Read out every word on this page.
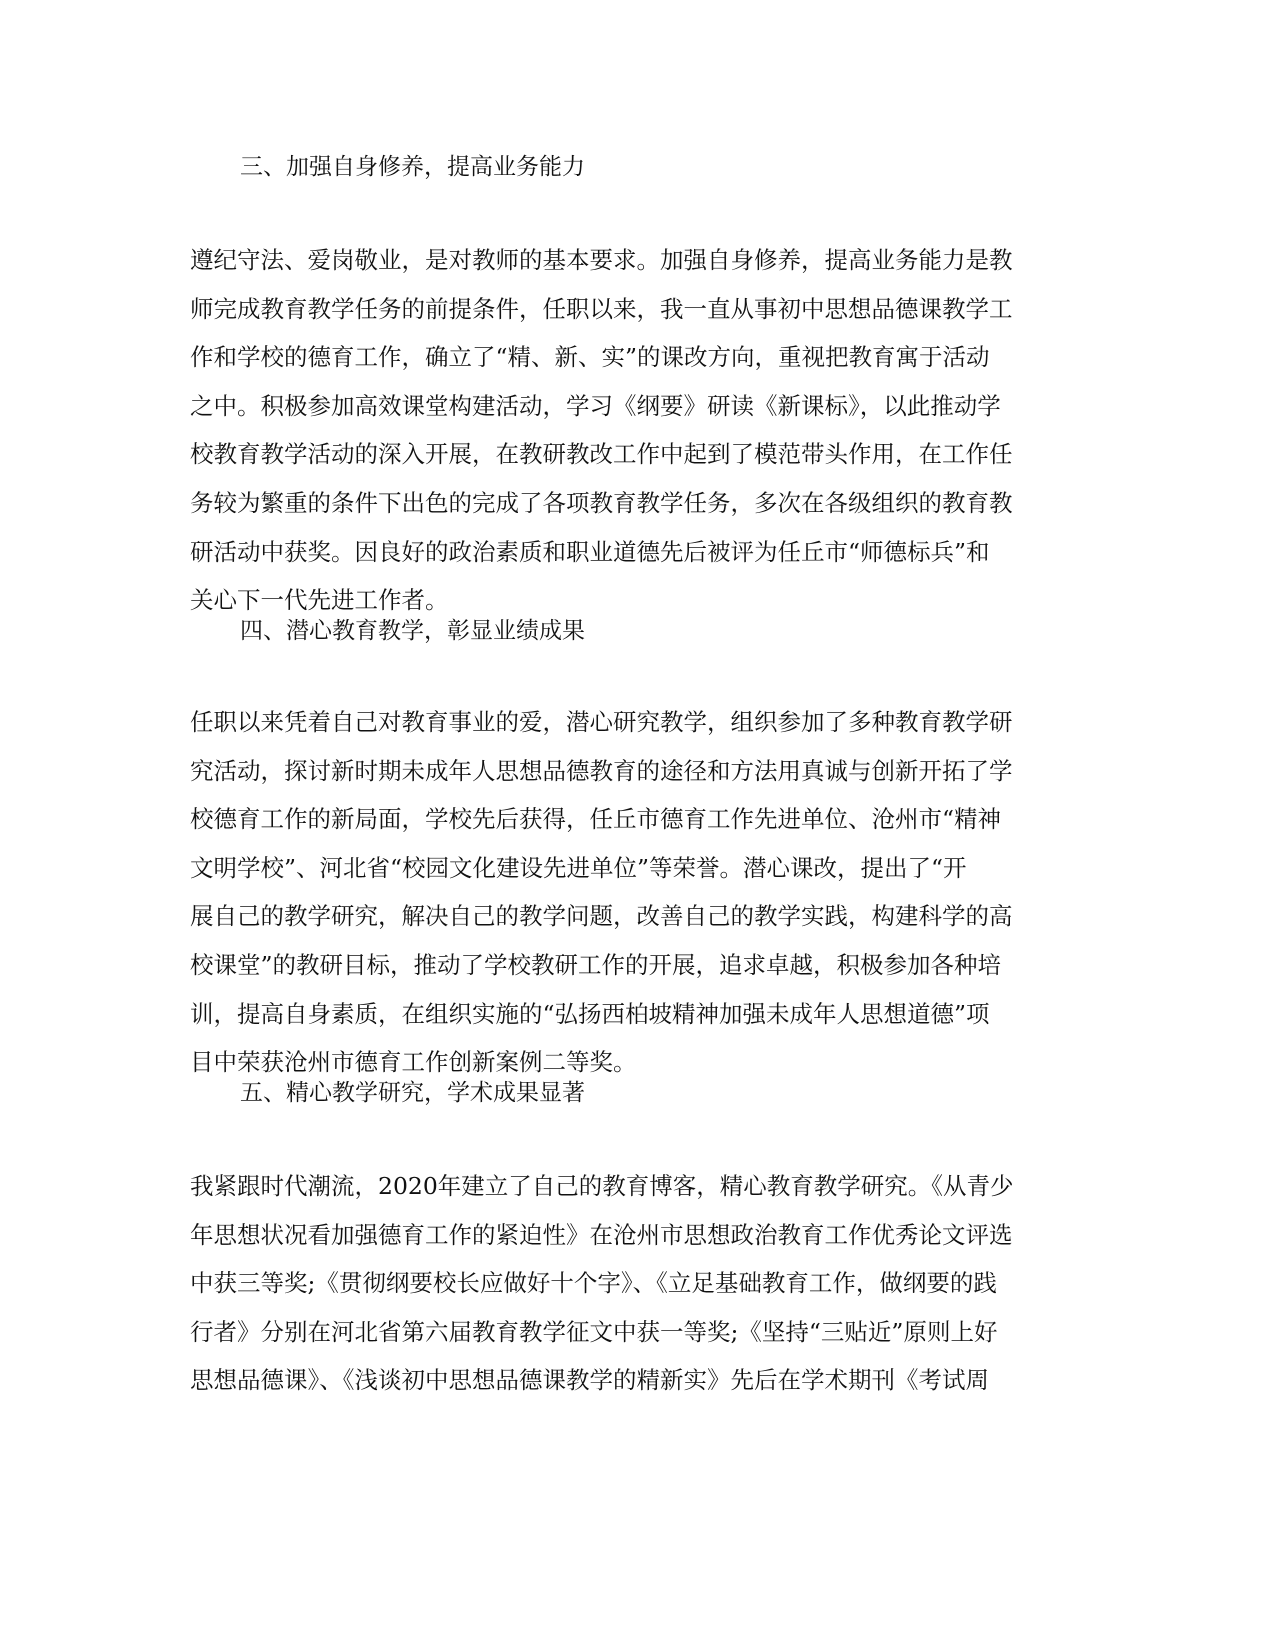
三、加强自身修养，提高业务能力
遵纪守法、爱岗敬业，是对教师的基本要求。加强自身修养，提高业务能力是教
师完成教育教学任务的前提条件，任职以来，我一直从事初中思想品德课教学工
作和学校的德育工作，确立了“精、新、实”的课改方向，重视把教育寓于活动
之中。积极参加高效课堂构建活动，学习《纲要》研读《新课标》，以此推动学
校教育教学活动的深入开展，在教研教改工作中起到了模范带头作用，在工作任
务较为繁重的条件下出色的完成了各项教育教学任务，多次在各级组织的教育教
研活动中获奖。因良好的政治素质和职业道德先后被评为任丘市“师德标兵”和
关心下一代先进工作者。
四、潜心教育教学，彰显业绩成果
任职以来凭着自己对教育事业的爱，潜心研究教学，组织参加了多种教育教学研
究活动，探讨新时期未成年人思想品德教育的途径和方法用真诚与创新开拓了学
校德育工作的新局面，学校先后获得，任丘市德育工作先进单位、沧州市“精神
文明学校”、河北省“校园文化建设先进单位”等荣誉。潜心课改，提出了“开
展自己的教学研究，解决自己的教学问题，改善自己的教学实践，构建科学的高
校课堂”的教研目标，推动了学校教研工作的开展，追求卓越，积极参加各种培
训，提高自身素质，在组织实施的“弘扬西柏坡精神加强未成年人思想道德”项
目中荣获沧州市德育工作创新案例二等奖。
五、精心教学研究，学术成果显著
我紧跟时代潮流，2020年建立了自己的教育博客，精心教育教学研究。《从青少
年思想状况看加强德育工作的紧迫性》在沧州市思想政治教育工作优秀论文评选
中获三等奖;《贯彻纲要校长应做好十个字》、《立足基础教育工作，做纲要的践
行者》分别在河北省第六届教育教学征文中获一等奖;《坚持“三贴近”原则上好
思想品德课》、《浅谈初中思想品德课教学的精新实》先后在学术期刊《考试周
